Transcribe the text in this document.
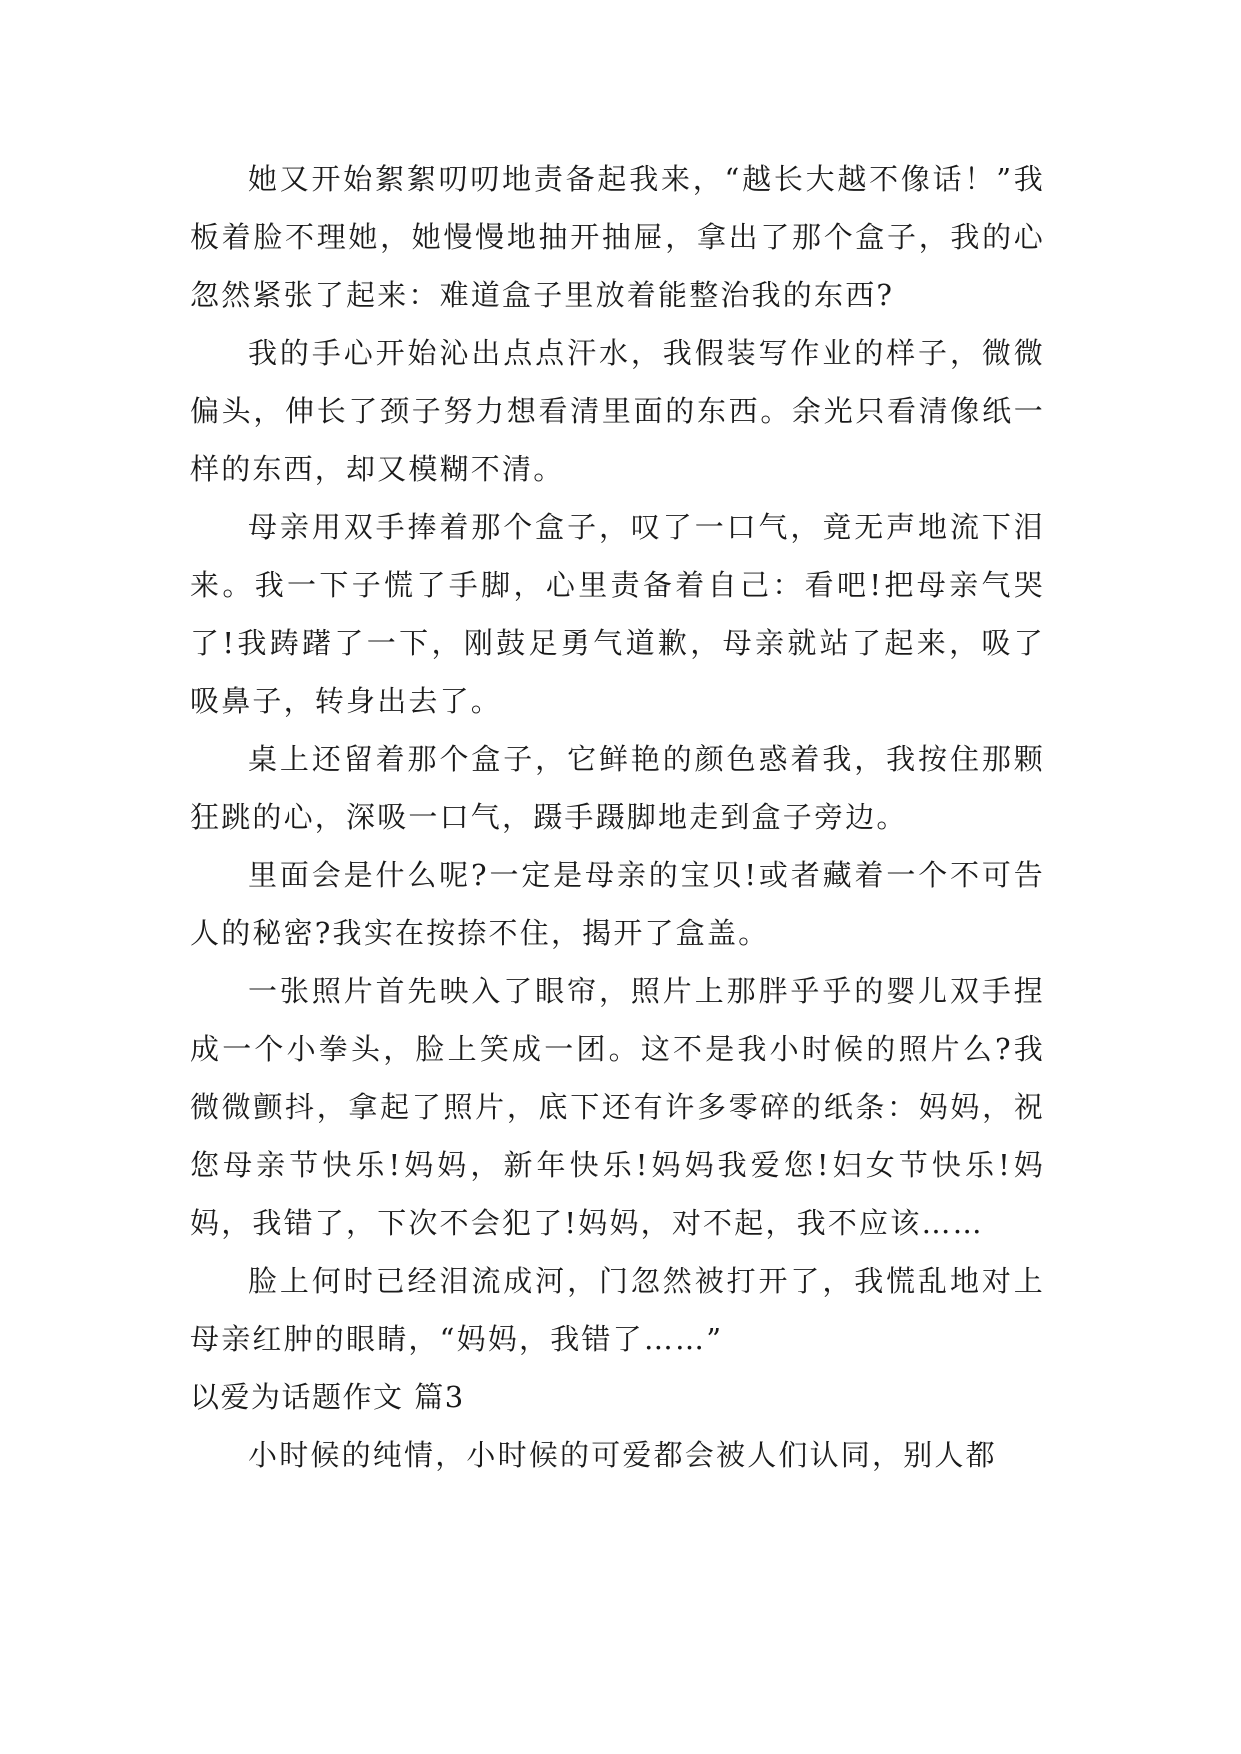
她又开始絮絮叨叨地责备起我来，“越长大越不像话！”我板着脸不理她，她慢慢地抽开抽屉，拿出了那个盒子，我的心忽然紧张了起来：难道盒子里放着能整治我的东西?

我的手心开始沁出点点汗水，我假装写作业的样子，微微偏头，伸长了颈子努力想看清里面的东西。余光只看清像纸一样的东西，却又模糊不清。

母亲用双手捧着那个盒子，叹了一口气，竟无声地流下泪来。我一下子慌了手脚，心里责备着自己：看吧!把母亲气哭了!我踌躇了一下，刚鼓足勇气道歉，母亲就站了起来，吸了吸鼻子，转身出去了。

桌上还留着那个盒子，它鲜艳的颜色惑着我，我按住那颗狂跳的心，深吸一口气，蹑手蹑脚地走到盒子旁边。

里面会是什么呢?一定是母亲的宝贝!或者藏着一个不可告人的秘密?我实在按捺不住，揭开了盒盖。

一张照片首先映入了眼帘，照片上那胖乎乎的婴儿双手捏成一个小拳头，脸上笑成一团。这不是我小时候的照片么?我微微颤抖，拿起了照片，底下还有许多零碎的纸条：妈妈，祝您母亲节快乐!妈妈，新年快乐!妈妈我爱您!妇女节快乐!妈妈，我错了，下次不会犯了!妈妈，对不起，我不应该……

脸上何时已经泪流成河，门忽然被打开了，我慌乱地对上母亲红肿的眼睛，“妈妈，我错了……”

以爱为话题作文 篇3

小时候的纯情，小时候的可爱都会被人们认同，别人都
